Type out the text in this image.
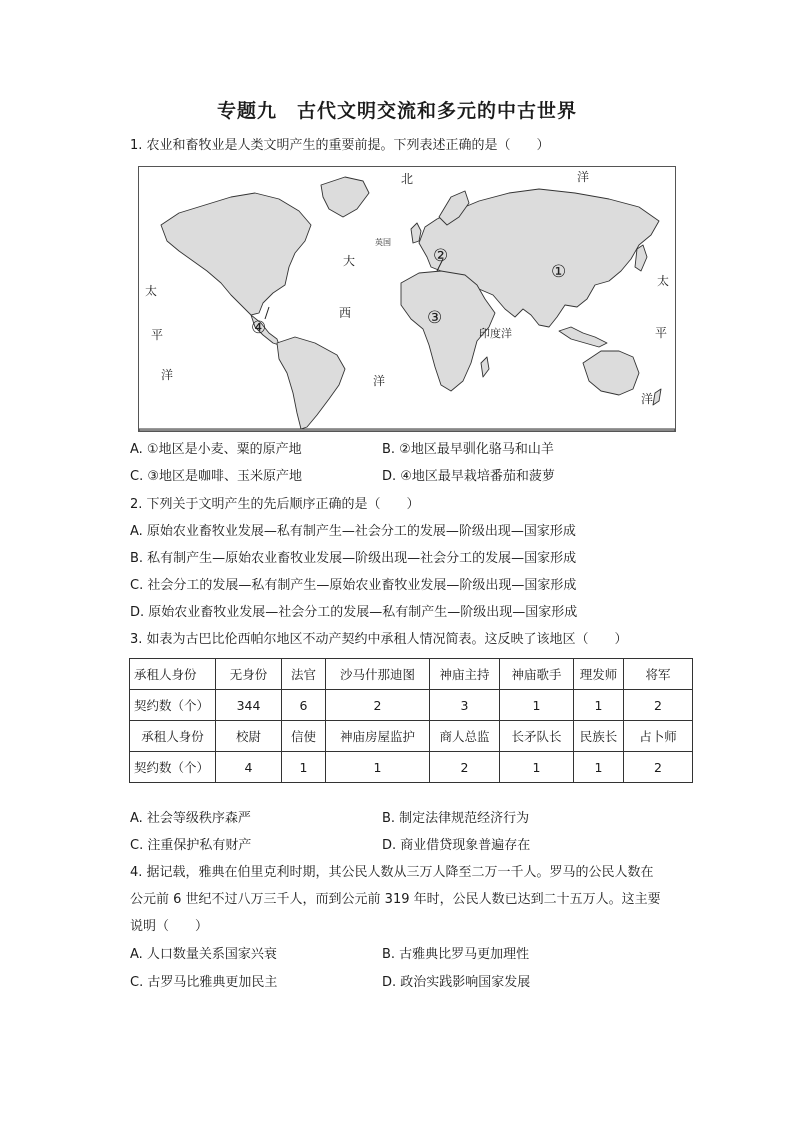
专题九　古代文明交流和多元的中古世界
1. 农业和畜牧业是人类文明产生的重要前提。下列表述正确的是（　　）
北	洋
英国
大
西
洋
太
平
洋
太
平
洋
印度洋
①
②
③
④
A. ①地区是小麦、粟的原产地	B. ②地区最早驯化骆马和山羊
C. ③地区是咖啡、玉米原产地	D. ④地区最早栽培番茄和菠萝
2. 下列关于文明产生的先后顺序正确的是（　　）
A. 原始农业畜牧业发展—私有制产生—社会分工的发展—阶级出现—国家形成
B. 私有制产生—原始农业畜牧业发展—阶级出现—社会分工的发展—国家形成
C. 社会分工的发展—私有制产生—原始农业畜牧业发展—阶级出现—国家形成
D. 原始农业畜牧业发展—社会分工的发展—私有制产生—阶级出现—国家形成
3. 如表为古巴比伦西帕尔地区不动产契约中承租人情况简表。这反映了该地区（　　）
承租人身份	无身份	法官	沙马什那迪图	神庙主持	神庙歌手	理发师	将军
契约数（个）	344	6	2	3	1	1	2
承租人身份	校尉	信使	神庙房屋监护	商人总监	长矛队长	民族长	占卜师
契约数（个）	4	1	1	2	1	1	2
A. 社会等级秩序森严	B. 制定法律规范经济行为
C. 注重保护私有财产	D. 商业借贷现象普遍存在
4. 据记载，雅典在伯里克利时期，其公民人数从三万人降至二万一千人。罗马的公民人数在
公元前 6 世纪不过八万三千人，而到公元前 319 年时，公民人数已达到二十五万人。这主要
说明（　　）
A. 人口数量关系国家兴衰	B. 古雅典比罗马更加理性
C. 古罗马比雅典更加民主	D. 政治实践影响国家发展
